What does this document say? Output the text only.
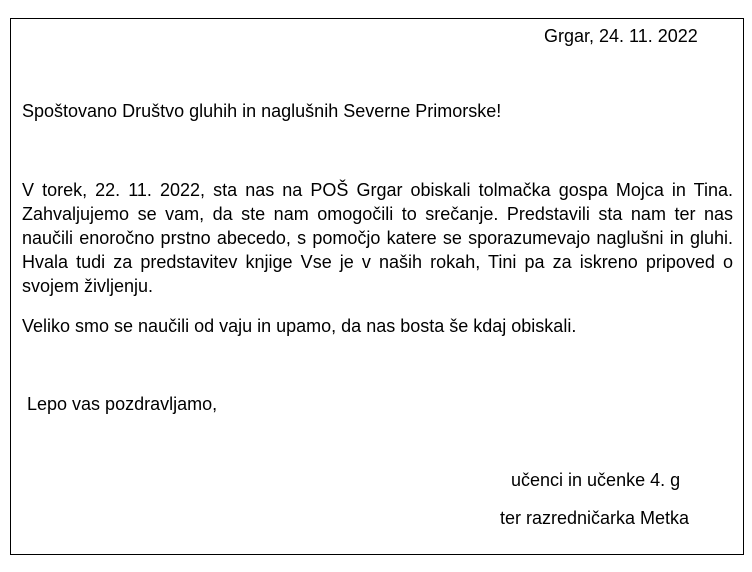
Grgar, 24. 11. 2022
Spoštovano Društvo gluhih in naglušnih Severne Primorske!
V torek, 22. 11. 2022, sta nas na POŠ Grgar obiskali tolmačka gospa Mojca in Tina. Zahvaljujemo se vam, da ste nam omogočili to srečanje. Predstavili sta nam ter nas naučili enoročno prstno abecedo, s pomočjo katere se sporazumevajo naglušni in gluhi. Hvala tudi za predstavitev knjige Vse je v naših rokah, Tini pa za iskreno pripoved o svojem življenju.
Veliko smo se naučili od vaju in upamo, da nas bosta še kdaj obiskali.
Lepo vas pozdravljamo,
učenci in učenke 4. g
ter razredničarka Metka
